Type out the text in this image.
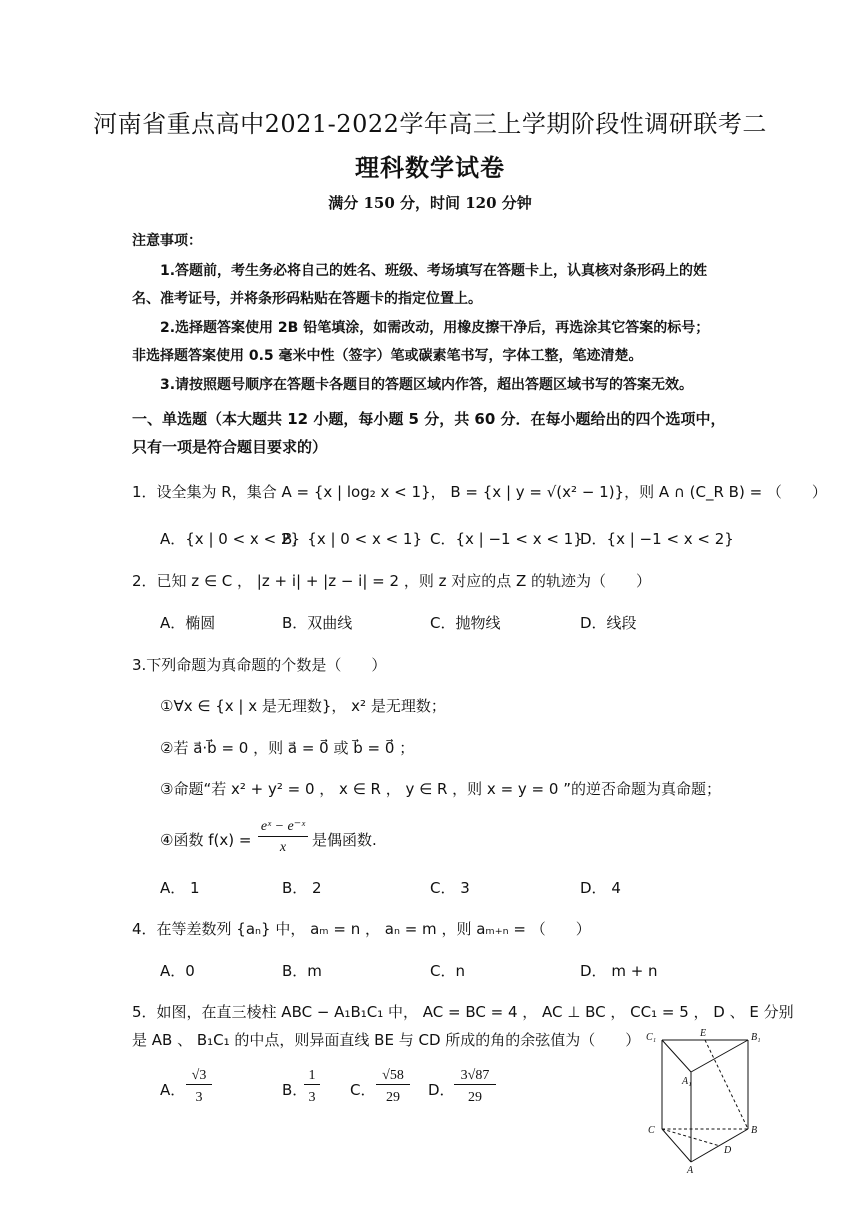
河南省重点高中2021-2022学年高三上学期阶段性调研联考二
理科数学试卷
满分 150 分，时间 120 分钟
注意事项：
1.答题前，考生务必将自己的姓名、班级、考场填写在答题卡上，认真核对条形码上的姓
名、准考证号，并将条形码粘贴在答题卡的指定位置上。
2.选择题答案使用 2B 铅笔填涂，如需改动，用橡皮擦干净后，再选涂其它答案的标号；
非选择题答案使用 0.5 毫米中性（签字）笔或碳素笔书写，字体工整，笔迹清楚。
3.请按照题号顺序在答题卡各题目的答题区域内作答，超出答题区域书写的答案无效。
一、单选题（本大题共 12 小题，每小题 5 分，共 60 分．在每小题给出的四个选项中，
只有一项是符合题目要求的）
1．设全集为 R，集合 A = {x | log₂ x < 1}， B = {x | y = √(x² − 1)}，则 A ∩ (C_R B) = （　　）
A．{x | 0 < x < 2}
B．{x | 0 < x < 1} C．{x | −1 < x < 1}
D．{x | −1 < x < 2}
2．已知 z ∈ C ， |z + i| + |z − i| = 2 ，则 z 对应的点 Z 的轨迹为（　　）
A．椭圆	B．双曲线	C．抛物线	D．线段
3.下列命题为真命题的个数是（　　）
①∀x ∈ {x | x 是无理数}， x² 是无理数；
②若 a⃗·b⃗ = 0 ，则 a⃗ = 0⃗ 或 b⃗ = 0⃗ ；
③命题“若 x² + y² = 0 ， x ∈ R ， y ∈ R ，则 x = y = 0 ”的逆否命题为真命题；
④函数 f(x) =
eˣ − e⁻ˣ
x	是偶函数.
A． 1	B． 2	C． 3	D． 4
4．在等差数列 {aₙ} 中， aₘ = n ， aₙ = m ，则 aₘ₊ₙ = （　　）
A．0	B．m	C．n	D． m + n
5．如图，在直三棱柱 ABC − A₁B₁C₁ 中， AC = BC = 4 ， AC ⊥ BC ， CC₁ = 5 ， D 、 E 分别
是 AB 、 B₁C₁ 的中点，则异面直线 BE 与 CD 所成的角的余弦值为（　　）
A．
√3
3	B．
1
3	C．
√58
29	D．
3√87
29
C₁	E	B₁
A₁
C	B
D
A
